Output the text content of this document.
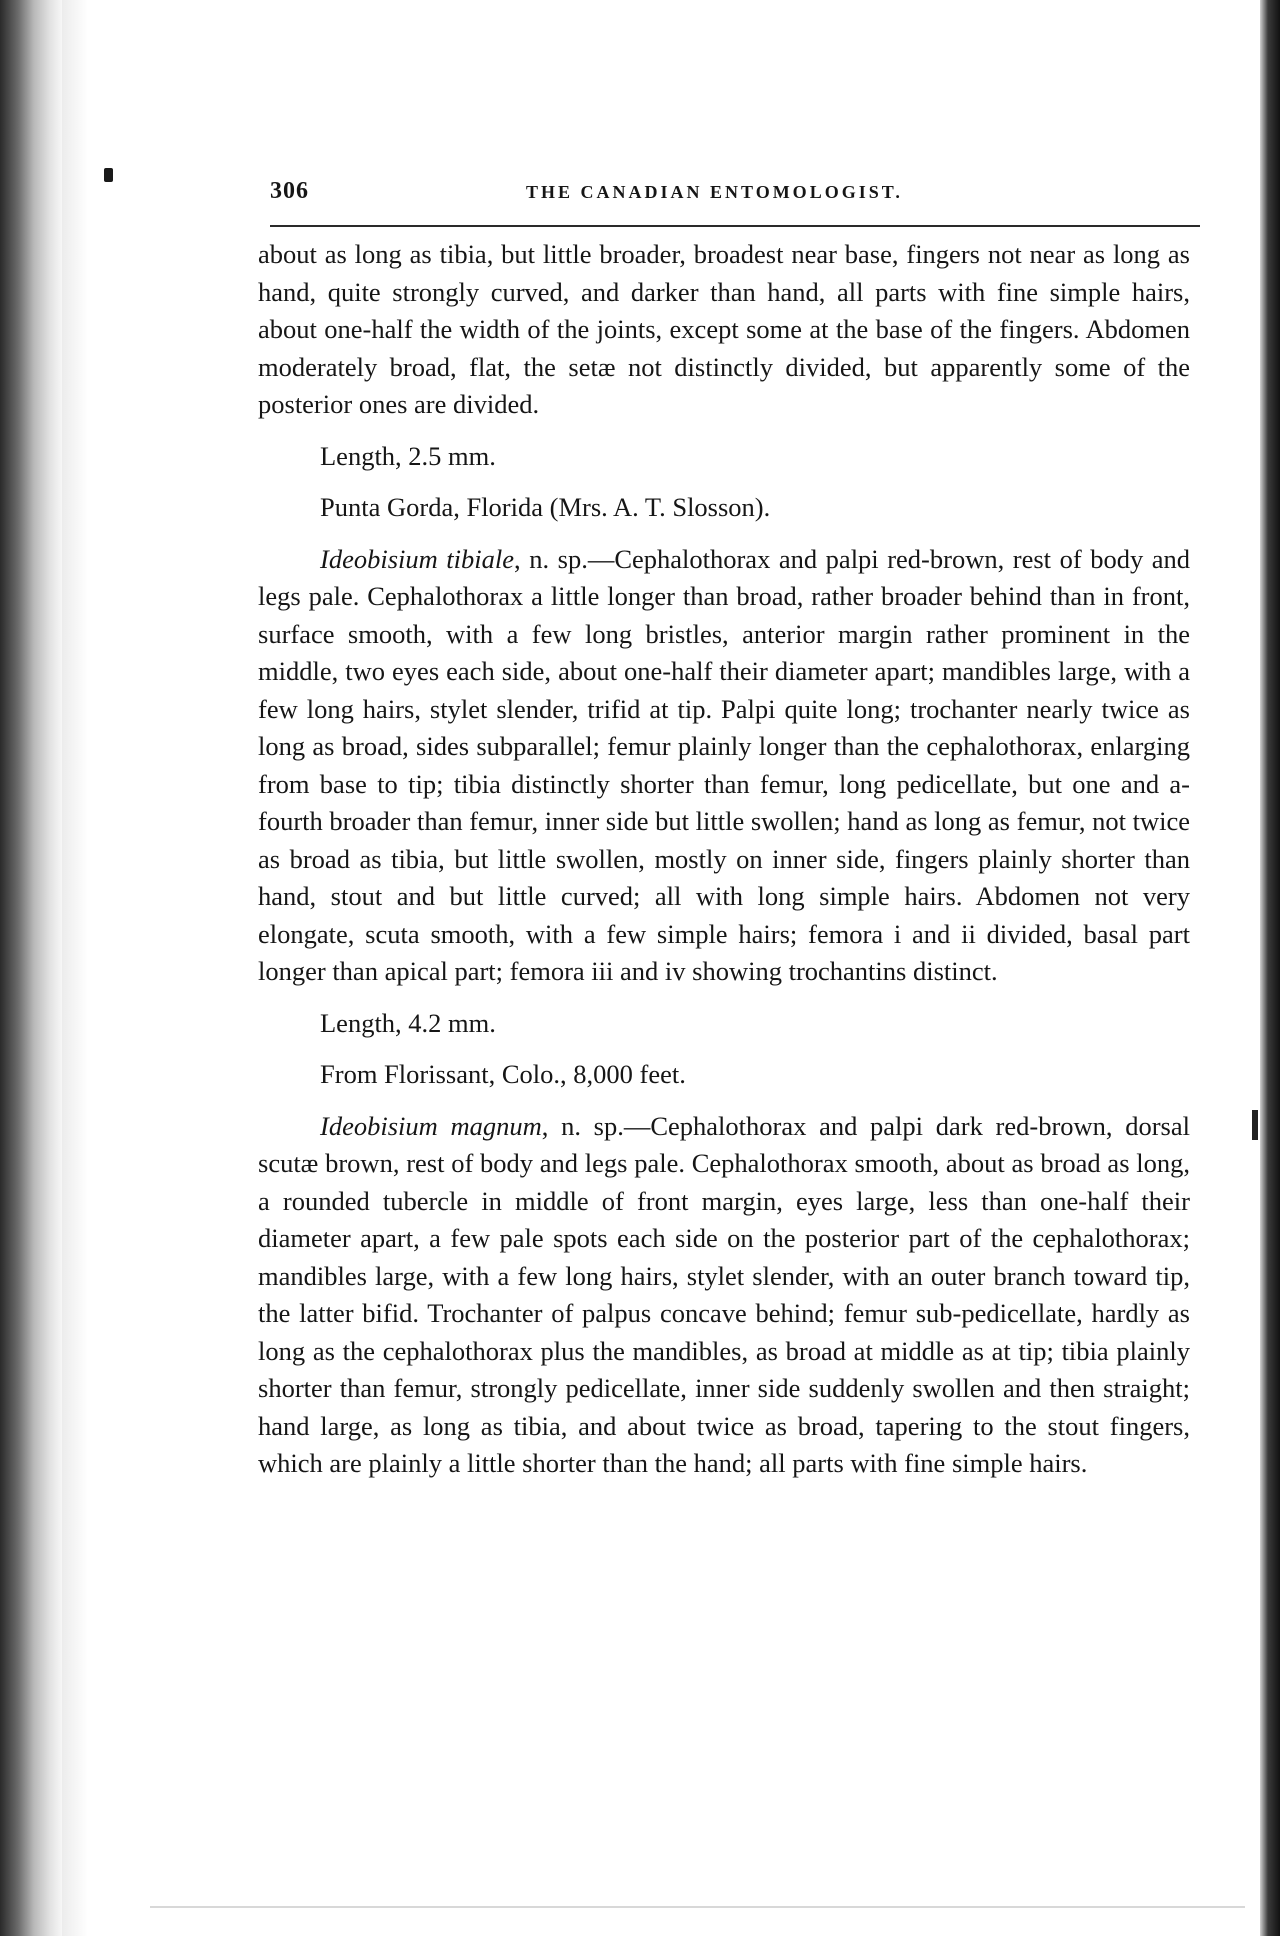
306	THE CANADIAN ENTOMOLOGIST.

about as long as tibia, but little broader, broadest near base, fingers not near as long as hand, quite strongly curved, and darker than hand, all parts with fine simple hairs, about one-half the width of the joints, except some at the base of the fingers. Abdomen moderately broad, flat, the setæ not distinctly divided, but apparently some of the posterior ones are divided.

Length, 2.5 mm.

Punta Gorda, Florida (Mrs. A. T. Slosson).

Ideobisium tibiale, n. sp.—Cephalothorax and palpi red-brown, rest of body and legs pale. Cephalothorax a little longer than broad, rather broader behind than in front, surface smooth, with a few long bristles, anterior margin rather prominent in the middle, two eyes each side, about one-half their diameter apart; mandibles large, with a few long hairs, stylet slender, trifid at tip. Palpi quite long; trochanter nearly twice as long as broad, sides subparallel; femur plainly longer than the cephalothorax, enlarging from base to tip; tibia distinctly shorter than femur, long pedicellate, but one and a-fourth broader than femur, inner side but little swollen; hand as long as femur, not twice as broad as tibia, but little swollen, mostly on inner side, fingers plainly shorter than hand, stout and but little curved; all with long simple hairs. Abdomen not very elongate, scuta smooth, with a few simple hairs; femora i and ii divided, basal part longer than apical part; femora iii and iv showing trochantins distinct.

Length, 4.2 mm.

From Florissant, Colo., 8,000 feet.

Ideobisium magnum, n. sp.—Cephalothorax and palpi dark red-brown, dorsal scutæ brown, rest of body and legs pale. Cephalothorax smooth, about as broad as long, a rounded tubercle in middle of front margin, eyes large, less than one-half their diameter apart, a few pale spots each side on the posterior part of the cephalothorax; mandibles large, with a few long hairs, stylet slender, with an outer branch toward tip, the latter bifid. Trochanter of palpus concave behind; femur sub-pedicellate, hardly as long as the cephalothorax plus the mandibles, as broad at middle as at tip; tibia plainly shorter than femur, strongly pedicellate, inner side suddenly swollen and then straight; hand large, as long as tibia, and about twice as broad, tapering to the stout fingers, which are plainly a little shorter than the hand; all parts with fine simple hairs.
